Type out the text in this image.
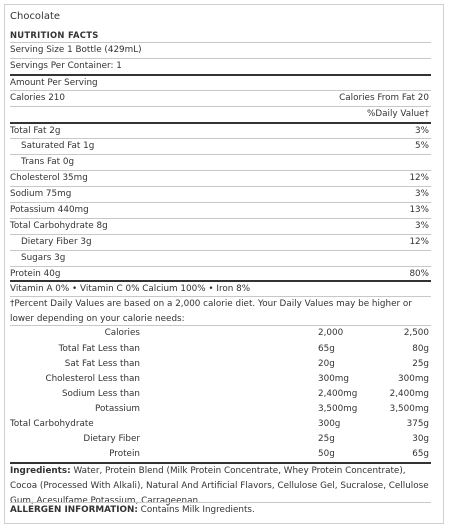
Chocolate
NUTRITION FACTS
Serving Size 1 Bottle (429mL)
Servings Per Container: 1
Amount Per Serving
Calories 210	Calories From Fat 20
%Daily Value†
Total Fat 2g	3%
Saturated Fat 1g	5%
Trans Fat 0g
Cholesterol 35mg	12%
Sodium 75mg	3%
Potassium 440mg	13%
Total Carbohydrate 8g	3%
Dietary Fiber 3g	12%
Sugars 3g
Protein 40g	80%
Vitamin A 0% • Vitamin C 0% Calcium 100% • Iron 8%
†Percent Daily Values are based on a 2,000 calorie diet. Your Daily Values may be higher or lower depending on your calorie needs:
Calories	2,000	2,500
Total Fat Less than	65g	80g
Sat Fat Less than	20g	25g
Cholesterol Less than	300mg	300mg
Sodium Less than	2,400mg	2,400mg
Potassium	3,500mg	3,500mg
Total Carbohydrate	300g	375g
Dietary Fiber	25g	30g
Protein	50g	65g
Ingredients: Water, Protein Blend (Milk Protein Concentrate, Whey Protein Concentrate), Cocoa (Processed With Alkali), Natural And Artificial Flavors, Cellulose Gel, Sucralose, Cellulose Gum, Acesulfame Potassium, Carrageenan.
ALLERGEN INFORMATION: Contains Milk Ingredients.
